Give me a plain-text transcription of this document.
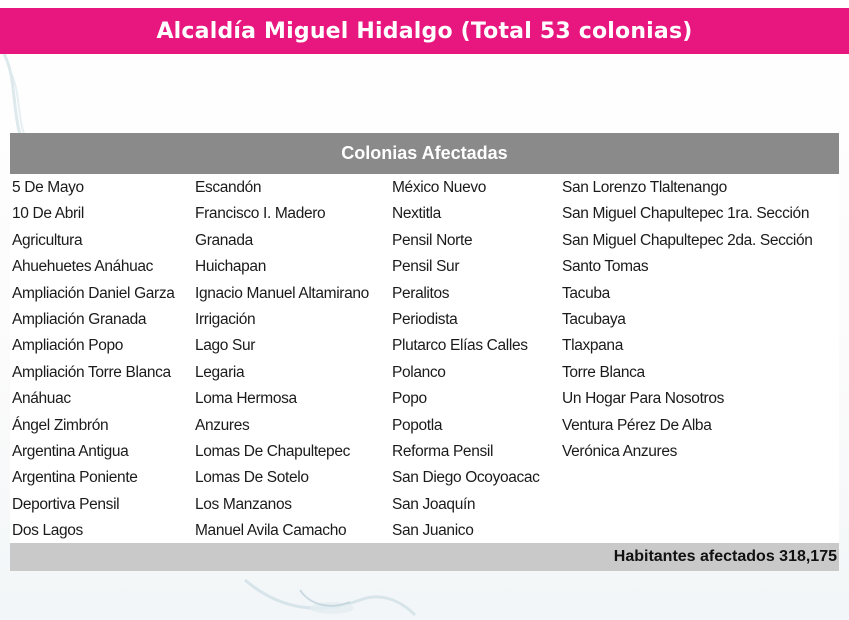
Alcaldía Miguel Hidalgo (Total 53 colonias)
Colonias Afectadas
5 De Mayo
10 De Abril
Agricultura
Ahuehuetes Anáhuac
Ampliación Daniel Garza
Ampliación Granada
Ampliación Popo
Ampliación Torre Blanca
Anáhuac
Ángel Zimbrón
Argentina Antigua
Argentina Poniente
Deportiva Pensil
Dos Lagos
Escandón
Francisco I. Madero
Granada
Huichapan
Ignacio Manuel Altamirano
Irrigación
Lago Sur
Legaria
Loma Hermosa
Anzures
Lomas De Chapultepec
Lomas De Sotelo
Los Manzanos
Manuel Avila Camacho
México Nuevo
Nextitla
Pensil Norte
Pensil Sur
Peralitos
Periodista
Plutarco Elías Calles
Polanco
Popo
Popotla
Reforma Pensil
San Diego Ocoyoacac
San Joaquín
San Juanico
San Lorenzo Tlaltenango
San Miguel Chapultepec 1ra. Sección
San Miguel Chapultepec 2da. Sección
Santo Tomas
Tacuba
Tacubaya
Tlaxpana
Torre Blanca
Un Hogar Para Nosotros
Ventura Pérez De Alba
Verónica Anzures
Habitantes afectados 318,175
